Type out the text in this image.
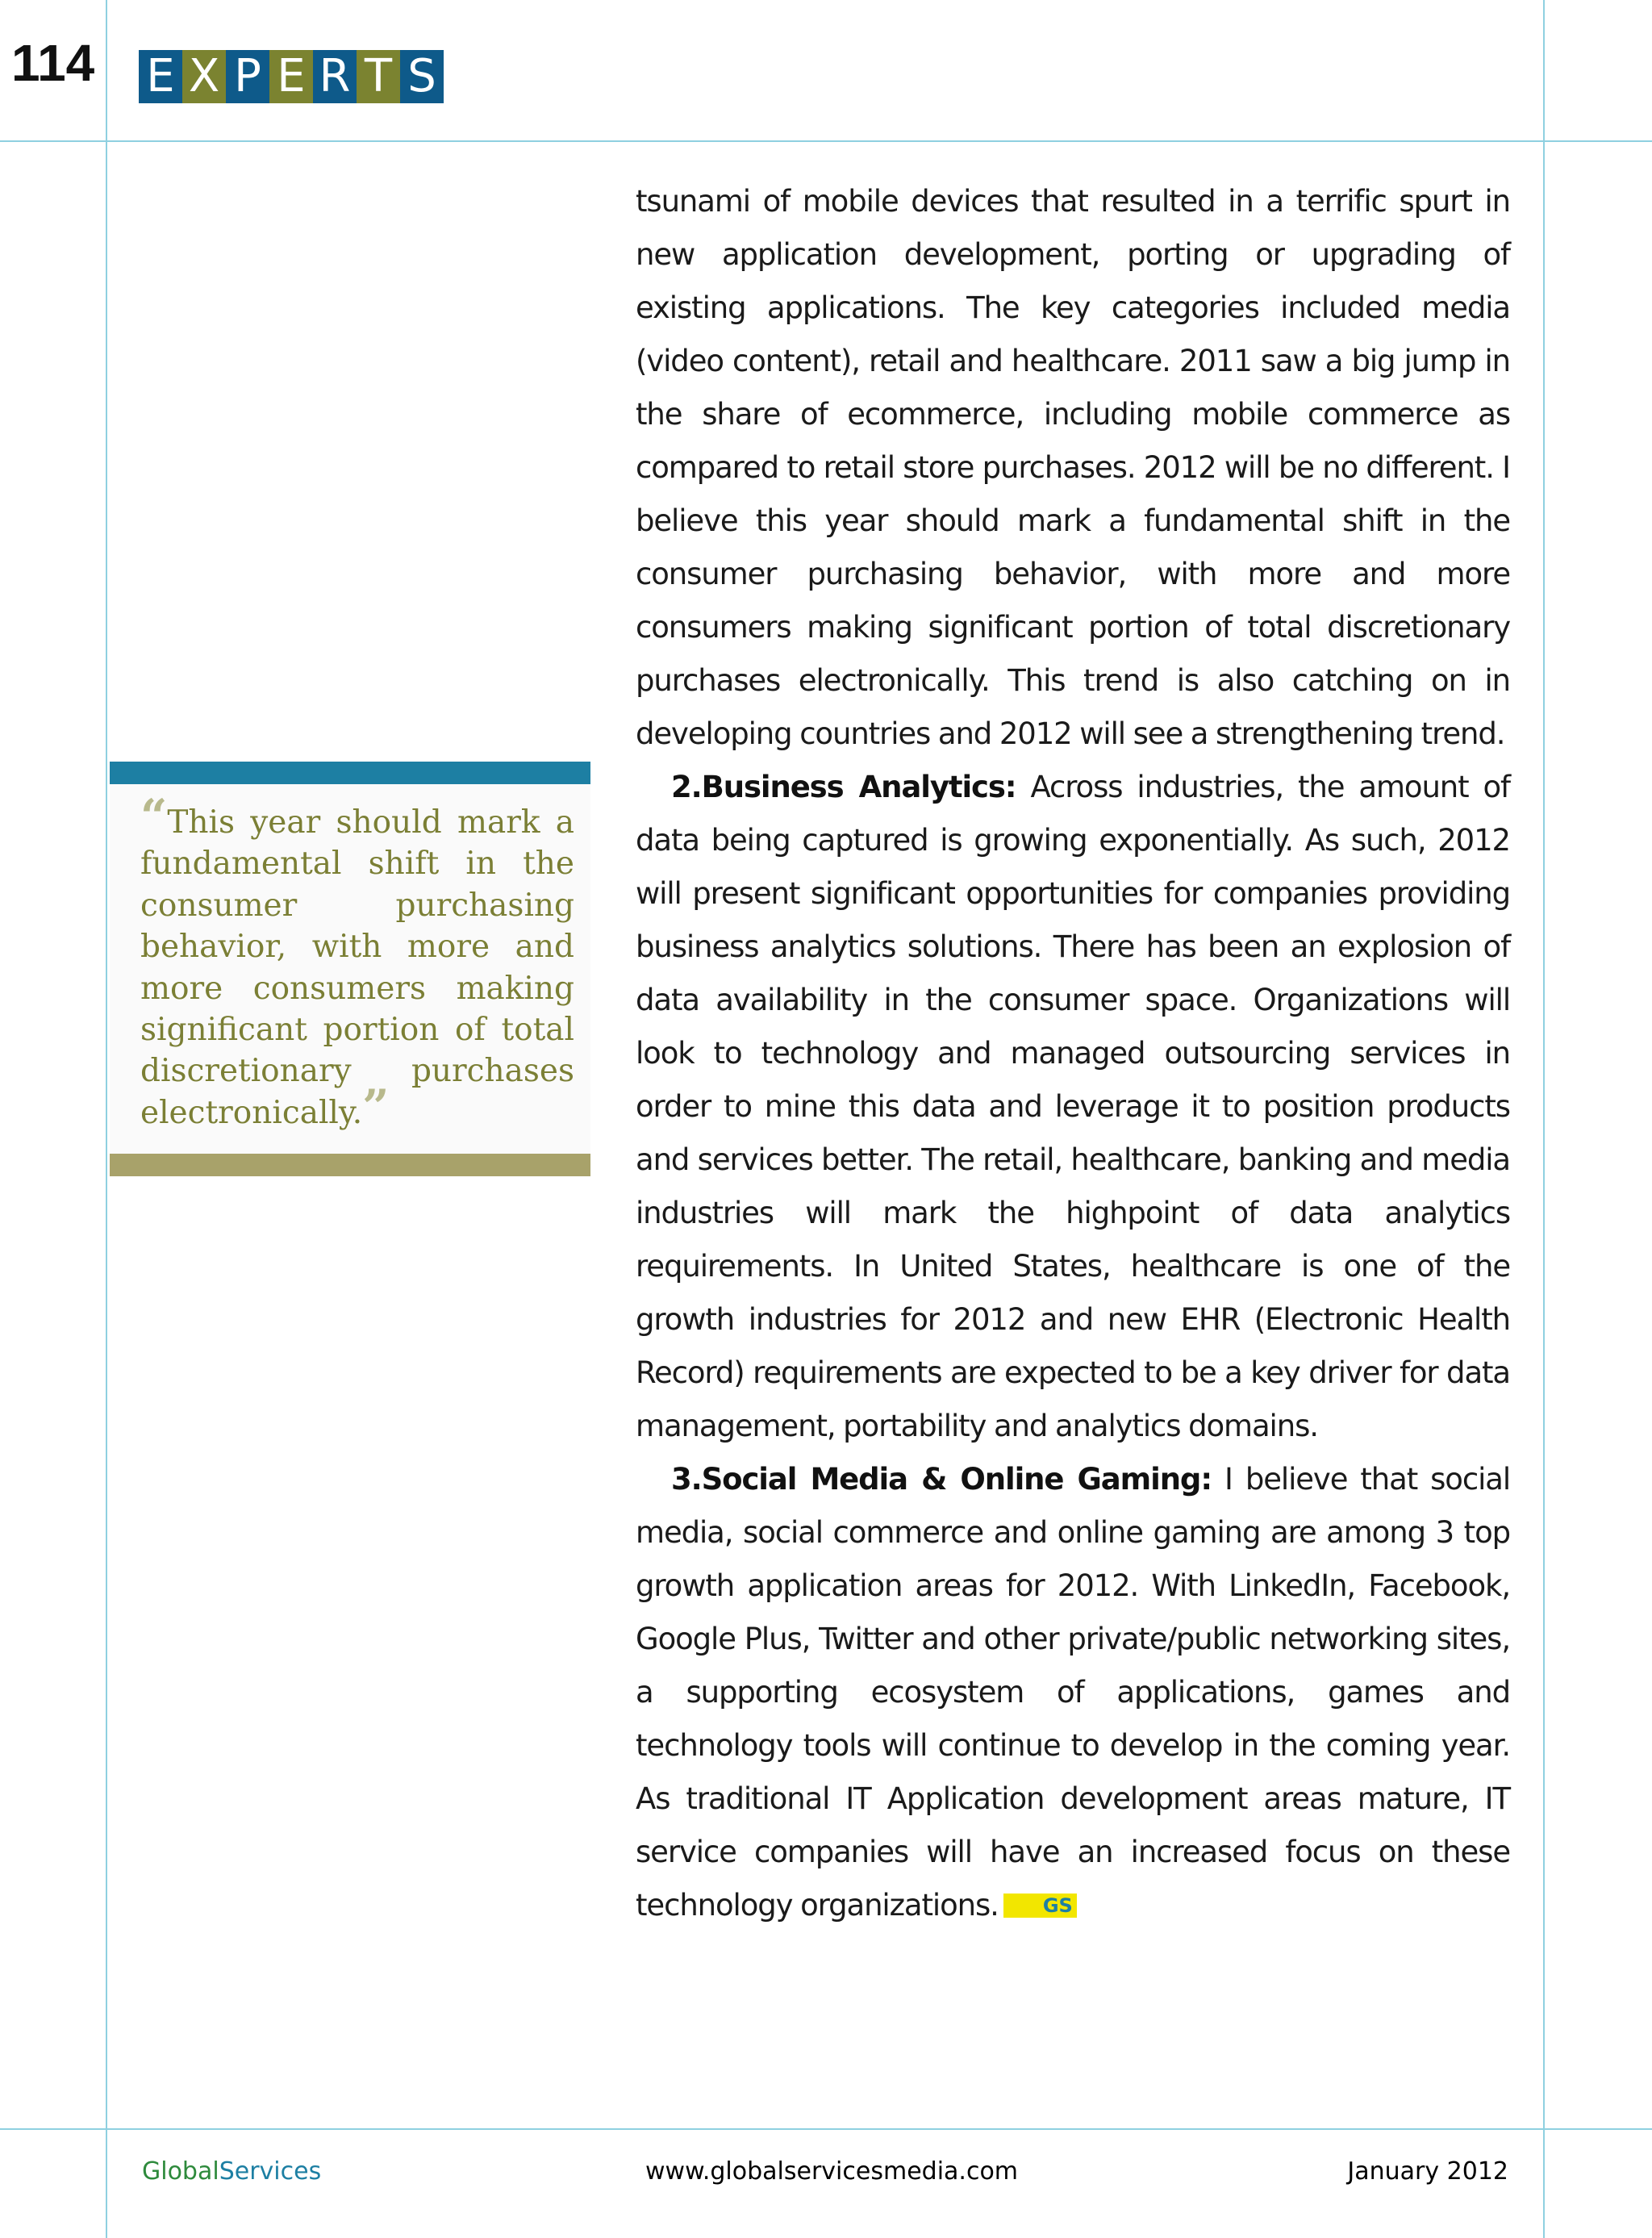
114 E X P E R T S

“This year should mark a fundamental shift in the consumer purchasing behavior, with more and more consumers making significant portion of total discretionary purchases electronically.”

tsunami of mobile devices that resulted in a terrific spurt in new application development, porting or upgrading of existing applications. The key categories included media (video content), retail and healthcare. 2011 saw a big jump in the share of ecommerce, including mobile commerce as compared to retail store purchases. 2012 will be no different. I believe this year should mark a fundamental shift in the consumer purchasing behavior, with more and more consumers making significant portion of total discretionary purchases electronically. This trend is also catching on in developing countries and 2012 will see a strengthening trend.

2.Business Analytics: Across industries, the amount of data being captured is growing exponentially. As such, 2012 will present significant opportunities for companies providing business analytics solutions. There has been an explosion of data availability in the consumer space. Organizations will look to technology and managed outsourcing services in order to mine this data and leverage it to position products and services better. The retail, healthcare, banking and media industries will mark the highpoint of data analytics requirements. In United States, healthcare is one of the growth industries for 2012 and new EHR (Electronic Health Record) requirements are expected to be a key driver for data management, portability and analytics domains.

3.Social Media & Online Gaming: I believe that social media, social commerce and online gaming are among 3 top growth application areas for 2012. With LinkedIn, Facebook, Google Plus, Twitter and other private/public networking sites, a supporting ecosystem of applications, games and technology tools will continue to develop in the coming year. As traditional IT Application development areas mature, IT service companies will have an increased focus on these technology organizations. GS

GlobalServices	www.globalservicesmedia.com	January 2012
